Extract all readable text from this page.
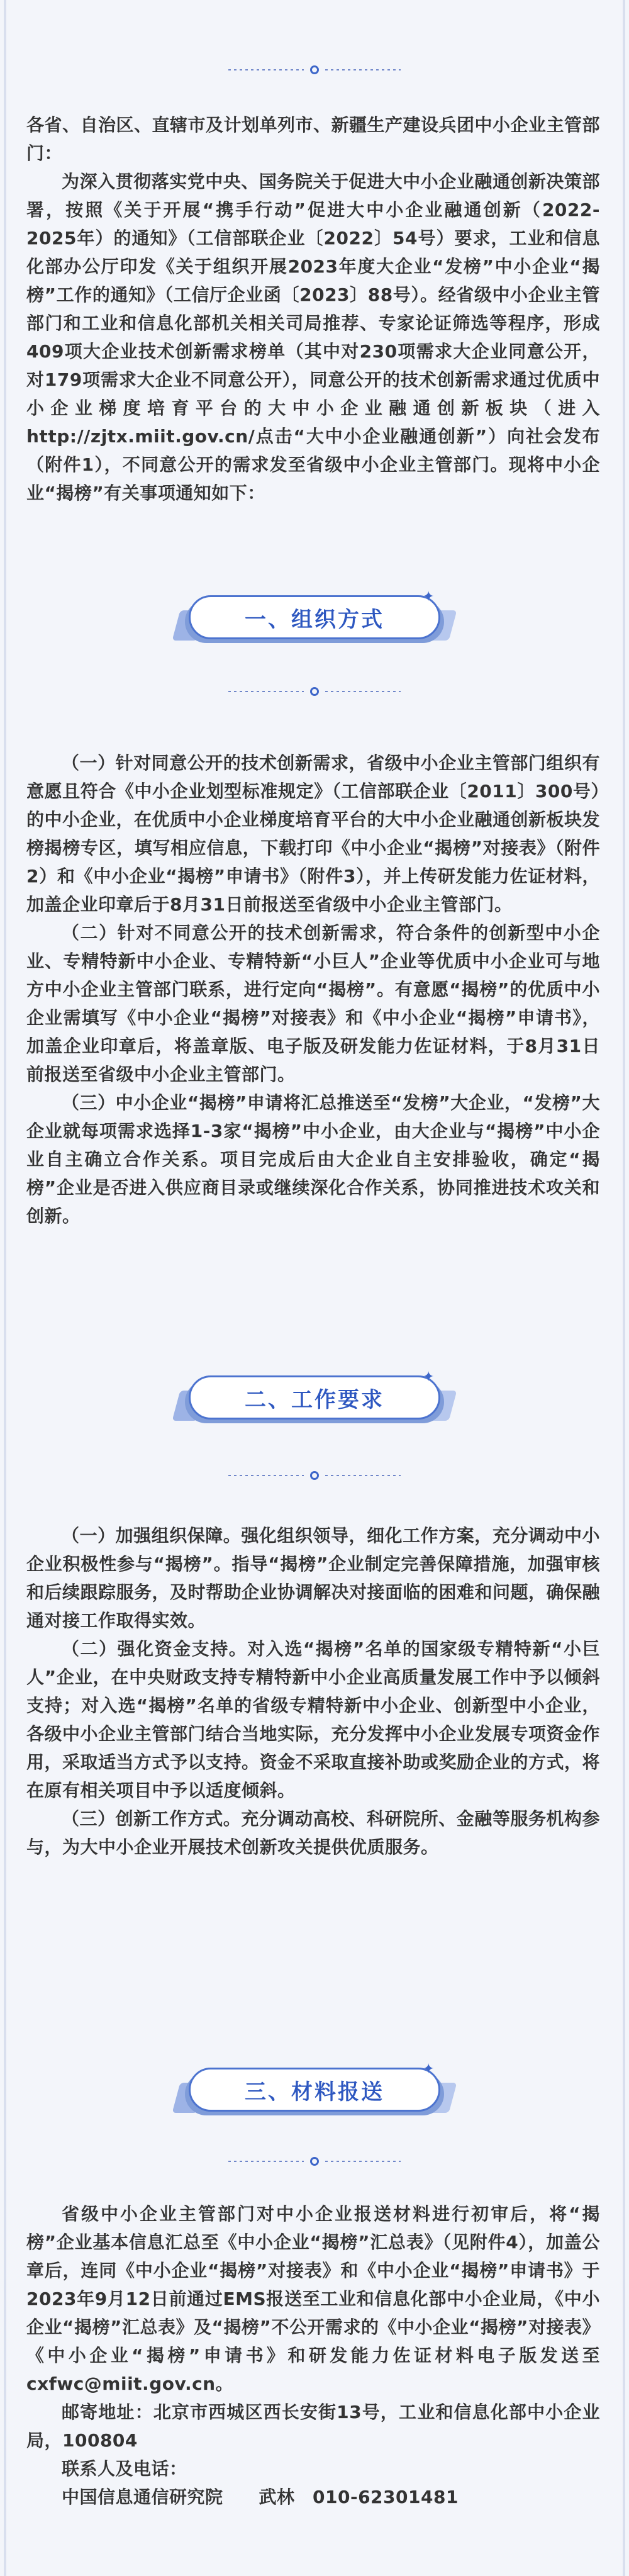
各省、自治区、直辖市及计划单列市、新疆生产建设兵团中小企业主管部门：

为深入贯彻落实党中央、国务院关于促进大中小企业融通创新决策部署，按照《关于开展“携手行动”促进大中小企业融通创新（2022-2025年）的通知》（工信部联企业〔2022〕54号）要求，工业和信息化部办公厅印发《关于组织开展2023年度大企业“发榜”中小企业“揭榜”工作的通知》（工信厅企业函〔2023〕88号）。经省级中小企业主管部门和工业和信息化部机关相关司局推荐、专家论证筛选等程序，形成409项大企业技术创新需求榜单（其中对230项需求大企业同意公开，对179项需求大企业不同意公开），同意公开的技术创新需求通过优质中小企业梯度培育平台的大中小企业融通创新板块（进入http://zjtx.miit.gov.cn/点击“大中小企业融通创新”）向社会发布（附件1），不同意公开的需求发至省级中小企业主管部门。现将中小企业“揭榜”有关事项通知如下：

一、组织方式
✦

（一）针对同意公开的技术创新需求，省级中小企业主管部门组织有意愿且符合《中小企业划型标准规定》（工信部联企业〔2011〕300号）的中小企业，在优质中小企业梯度培育平台的大中小企业融通创新板块发榜揭榜专区，填写相应信息，下载打印《中小企业“揭榜”对接表》（附件2）和《中小企业“揭榜”申请书》（附件3），并上传研发能力佐证材料，加盖企业印章后于8月31日前报送至省级中小企业主管部门。

（二）针对不同意公开的技术创新需求，符合条件的创新型中小企业、专精特新中小企业、专精特新“小巨人”企业等优质中小企业可与地方中小企业主管部门联系，进行定向“揭榜”。有意愿“揭榜”的优质中小企业需填写《中小企业“揭榜”对接表》和《中小企业“揭榜”申请书》，加盖企业印章后，将盖章版、电子版及研发能力佐证材料，于8月31日前报送至省级中小企业主管部门。

（三）中小企业“揭榜”申请将汇总推送至“发榜”大企业，“发榜”大企业就每项需求选择1-3家“揭榜”中小企业，由大企业与“揭榜”中小企业自主确立合作关系。项目完成后由大企业自主安排验收，确定“揭榜”企业是否进入供应商目录或继续深化合作关系，协同推进技术攻关和创新。

二、工作要求
✦

（一）加强组织保障。强化组织领导，细化工作方案，充分调动中小企业积极性参与“揭榜”。指导“揭榜”企业制定完善保障措施，加强审核和后续跟踪服务，及时帮助企业协调解决对接面临的困难和问题，确保融通对接工作取得实效。

（二）强化资金支持。对入选“揭榜”名单的国家级专精特新“小巨人”企业，在中央财政支持专精特新中小企业高质量发展工作中予以倾斜支持；对入选“揭榜”名单的省级专精特新中小企业、创新型中小企业，各级中小企业主管部门结合当地实际，充分发挥中小企业发展专项资金作用，采取适当方式予以支持。资金不采取直接补助或奖励企业的方式，将在原有相关项目中予以适度倾斜。

（三）创新工作方式。充分调动高校、科研院所、金融等服务机构参与，为大中小企业开展技术创新攻关提供优质服务。

三、材料报送
✦

省级中小企业主管部门对中小企业报送材料进行初审后，将“揭榜”企业基本信息汇总至《中小企业“揭榜”汇总表》（见附件4），加盖公章后，连同《中小企业“揭榜”对接表》和《中小企业“揭榜”申请书》于2023年9月12日前通过EMS报送至工业和信息化部中小企业局，《中小企业“揭榜”汇总表》及“揭榜”不公开需求的《中小企业“揭榜”对接表》《中小企业“揭榜”申请书》和研发能力佐证材料电子版发送至cxfwc@miit.gov.cn。

邮寄地址：北京市西城区西长安街13号，工业和信息化部中小企业局，100804

联系人及电话：

中国信息通信研究院　　武林　010-62301481
